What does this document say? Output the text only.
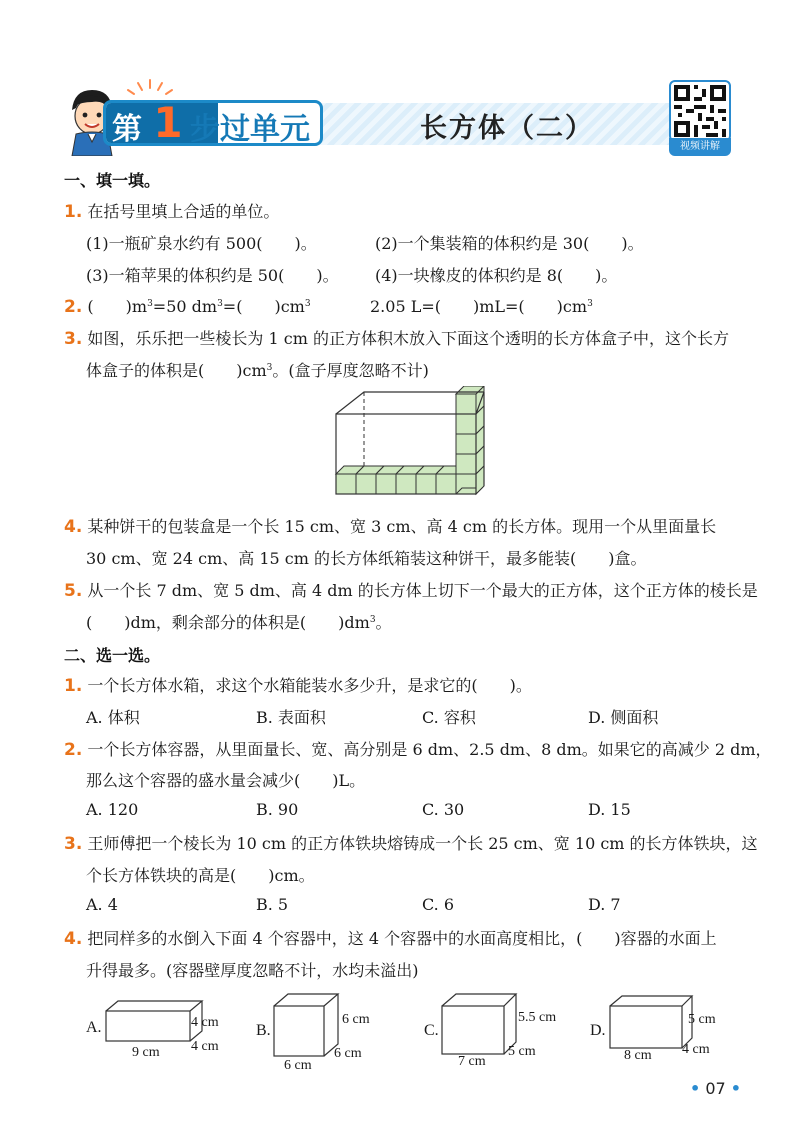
第 1 步过单元	长方体（二）
视频讲解
一、填一填。
1. 在括号里填上合适的单位。
(1)一瓶矿泉水约有 500(　　)。	(2)一个集装箱的体积约是 30(　　)。
(3)一箱苹果的体积约是 50(　　)。 (4)一块橡皮的体积约是 8(　　)。
2. (　　)$m^3=50$ $dm^3=$(　　)$cm^3$	2.05 L=(　　)mL=(　　)$cm^3$
3. 如图，乐乐把一些棱长为 1 cm 的正方体积木放入下面这个透明的长方体盒子中，这个长方
体盒子的体积是(　　)$cm^3$。(盒子厚度忽略不计)
4. 某种饼干的包装盒是一个长 15 cm、宽 3 cm、高 4 cm 的长方体。现用一个从里面量长
30 cm、宽 24 cm、高 15 cm 的长方体纸箱装这种饼干，最多能装(　　)盒。
5. 从一个长 7 dm、宽 5 dm、高 4 dm 的长方体上切下一个最大的正方体，这个正方体的棱长是
(　　)dm，剩余部分的体积是(　　)$dm^3$。
二、选一选。
1. 一个长方体水箱，求这个水箱能装水多少升，是求它的(　　)。
A. 体积	B. 表面积	C. 容积	D. 侧面积
2. 一个长方体容器，从里面量长、宽、高分别是 6 dm、2.5 dm、8 dm。如果它的高减少 2 dm，
那么这个容器的盛水量会减少(　　)L。
A. 120	B. 90	C. 30	D. 15
3. 王师傅把一个棱长为 10 cm 的正方体铁块熔铸成一个长 25 cm、宽 10 cm 的长方体铁块，这
个长方体铁块的高是(　　)cm。
A. 4	B. 5	C. 6	D. 7
4. 把同样多的水倒入下面 4 个容器中，这 4 个容器中的水面高度相比，(　　)容器的水面上
升得最多。(容器壁厚度忽略不计，水均未溢出)
A.
9 cm 4 cm
4 cm B.
6 cm
6 cm
6 cm
C.
7 cm
5 cm
5.5 cm
D.
8 cm 4 cm
5 cm
• 07 •
